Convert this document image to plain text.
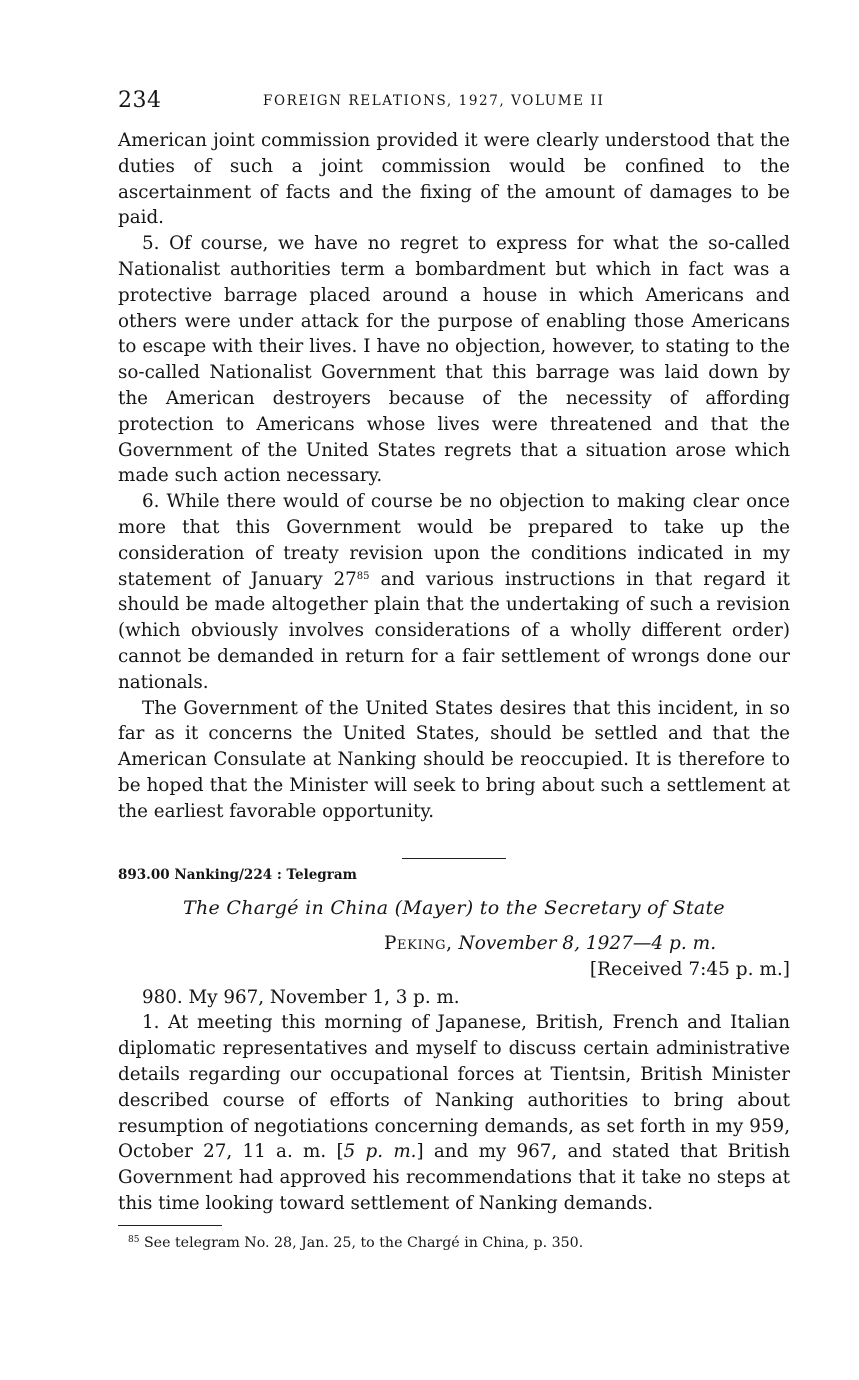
234	FOREIGN RELATIONS, 1927, VOLUME II

American joint commission provided it were clearly understood that the duties of such a joint commission would be confined to the ascertainment of facts and the fixing of the amount of damages to be paid.

5. Of course, we have no regret to express for what the so-called Nationalist authorities term a bombardment but which in fact was a protective barrage placed around a house in which Americans and others were under attack for the purpose of enabling those Americans to escape with their lives. I have no objection, however, to stating to the so-called Nationalist Government that this barrage was laid down by the American destroyers because of the necessity of affording protection to Americans whose lives were threatened and that the Government of the United States regrets that a situation arose which made such action necessary.

6. While there would of course be no objection to making clear once more that this Government would be prepared to take up the consideration of treaty revision upon the conditions indicated in my statement of January $27^{85}$ and various instructions in that regard it should be made altogether plain that the undertaking of such a revision (which obviously involves considerations of a wholly different order) cannot be demanded in return for a fair settlement of wrongs done our nationals.

The Government of the United States desires that this incident, in so far as it concerns the United States, should be settled and that the American Consulate at Nanking should be reoccupied. It is therefore to be hoped that the Minister will seek to bring about such a settlement at the earliest favorable opportunity.

893.00 Nanking/224 : Telegram
The Chargé in China (Mayer) to the Secretary of State
Peking, November 8, 1927—4 p. m.
[Received 7:45 p. m.]

980. My 967, November 1, 3 p. m.

1. At meeting this morning of Japanese, British, French and Italian diplomatic representatives and myself to discuss certain administrative details regarding our occupational forces at Tientsin, British Minister described course of efforts of Nanking authorities to bring about resumption of negotiations concerning demands, as set forth in my 959, October 27, 11 a. m. [5 p. m.] and my 967, and stated that British Government had approved his recommendations that it take no steps at this time looking toward settlement of Nanking demands.

$^{85}$ See telegram No. 28, Jan. 25, to the Chargé in China, p. 350.
